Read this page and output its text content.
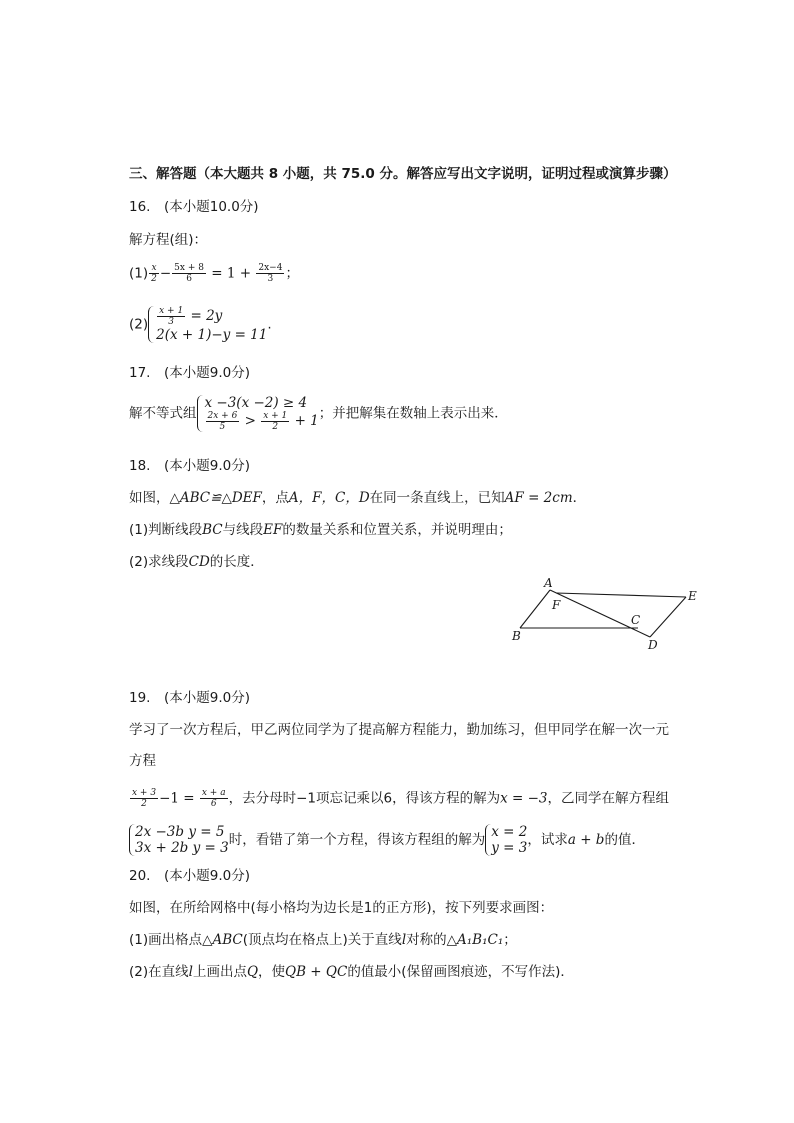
三、解答题（本大题共 8 小题，共 75.0 分。解答应写出文字说明，证明过程或演算步骤）
16.　(本小题10.0分)
解方程(组)：
$(1) \frac{x}{2} - \frac{5x + 8}{6} = 1 + \frac{2x-4}{3}$ ；
$(2) \frac{x + 1}{3} = 2y$
2(x + 1)−y = 11
.
17.　(本小题9.0分)
解不等式组
x −3(x −2) ≥ 4
$\frac{2x + 6}{5} > \frac{x + 1}{2} + 1$ ；并把解集在数轴上表示出来．
18.　(本小题9.0分)
如图，△ABC≌△DEF，点A，F，C，D在同一条直线上，已知AF = 2cm．
(1)判断线段BC与线段EF的数量关系和位置关系，并说明理由；
(2)求线段CD的长度．
A
F
E
C
B
D
19.　(本小题9.0分)
学习了一次方程后，甲乙两位同学为了提高解方程能力，勤加练习，但甲同学在解一次一元
方程
$\frac{x + 3}{2} -1 = \frac{x + a}{6}$ ，去分母时−1项忘记乘以6，得该方程的解为x = −3，乙同学在解方程组
2x −3b y = 5
3x + 2b y = 3 时，看错了第一个方程，得该方程组的解为 x = 2
y = 3 ，试求a + b的值．
20.　(本小题9.0分)
如图，在所给网格中(每小格均为边长是1的正方形)，按下列要求画图：
(1)画出格点△ABC(顶点均在格点上)关于直线l对称的△A₁B₁C₁；
(2)在直线l上画出点Q，使QB + QC的值最小(保留画图痕迹，不写作法)．
